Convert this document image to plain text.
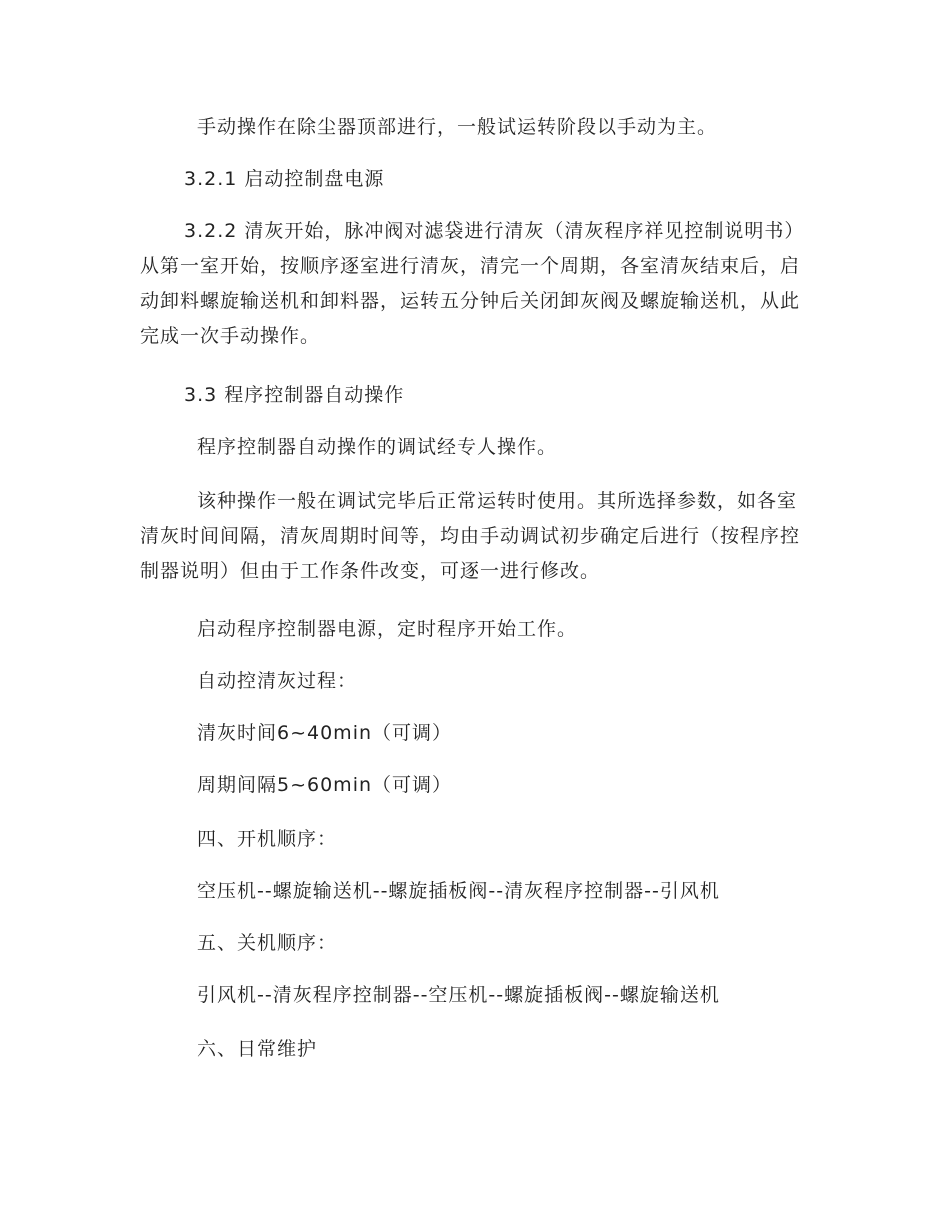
手动操作在除尘器顶部进行，一般试运转阶段以手动为主。

3.2.1 启动控制盘电源

3.2.2 清灰开始，脉冲阀对滤袋进行清灰（清灰程序祥见控制说明书）从第一室开始，按顺序逐室进行清灰，清完一个周期，各室清灰结束后，启动卸料螺旋输送机和卸料器，运转五分钟后关闭卸灰阀及螺旋输送机，从此完成一次手动操作。

3.3 程序控制器自动操作

程序控制器自动操作的调试经专人操作。

该种操作一般在调试完毕后正常运转时使用。其所选择参数，如各室清灰时间间隔，清灰周期时间等，均由手动调试初步确定后进行（按程序控制器说明）但由于工作条件改变，可逐一进行修改。

启动程序控制器电源，定时程序开始工作。

自动控清灰过程：

清灰时间6~40min（可调）

周期间隔5~60min（可调）

四、开机顺序：

空压机--螺旋输送机--螺旋插板阀--清灰程序控制器--引风机

五、关机顺序：

引风机--清灰程序控制器--空压机--螺旋插板阀--螺旋输送机

六、日常维护
